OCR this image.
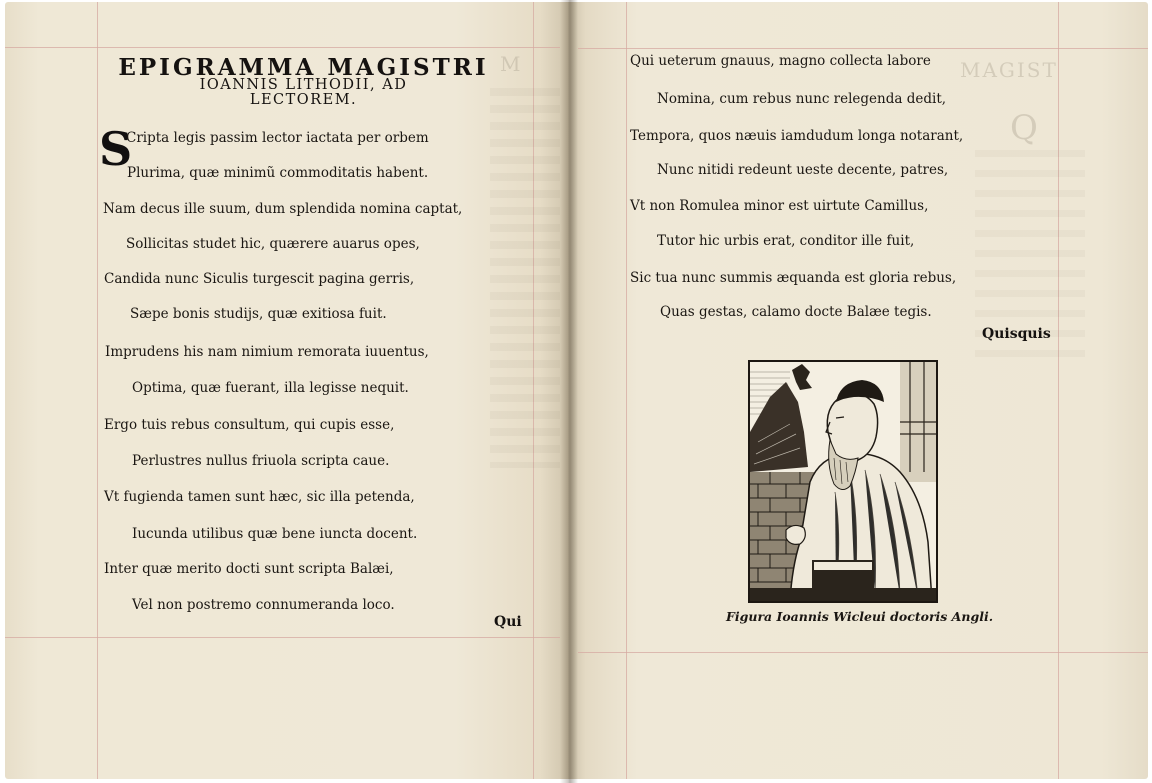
M
EPIGRAMMA MAGISTRI
IOANNIS LITHODII, AD
LECTOREM.
S
Cripta legis passim lector iactata per orbem
Plurima, quæ minimũ commoditatis habent.
Nam decus ille suum, dum splendida nomina captat,
Sollicitas studet hic, quærere auarus opes,
Candida nunc Siculis turgescit pagina gerris,
Sæpe bonis studijs, quæ exitiosa fuit.
Imprudens his nam nimium remorata iuuentus,
Optima, quæ fuerant, illa legisse nequit.
Ergo tuis rebus consultum, qui cupis esse,
Perlustres nullus friuola scripta caue.
Vt fugienda tamen sunt hæc, sic illa petenda,
Iucunda utilibus quæ bene iuncta docent.
Inter quæ merito docti sunt scripta Balæi,
Vel non postremo connumeranda loco.
Qui
MAGIST
Q
Qui ueterum gnauus, magno collecta labore
Nomina, cum rebus nunc relegenda dedit,
Tempora, quos næuis iamdudum longa notarant,
Nunc nitidi redeunt ueste decente, patres,
Vt non Romulea minor est uirtute Camillus,
Tutor hic urbis erat, conditor ille fuit,
Sic tua nunc summis æquanda est gloria rebus,
Quas gestas, calamo docte Balæe tegis.
Quisquis
Figura Ioannis Wicleui doctoris Angli.
